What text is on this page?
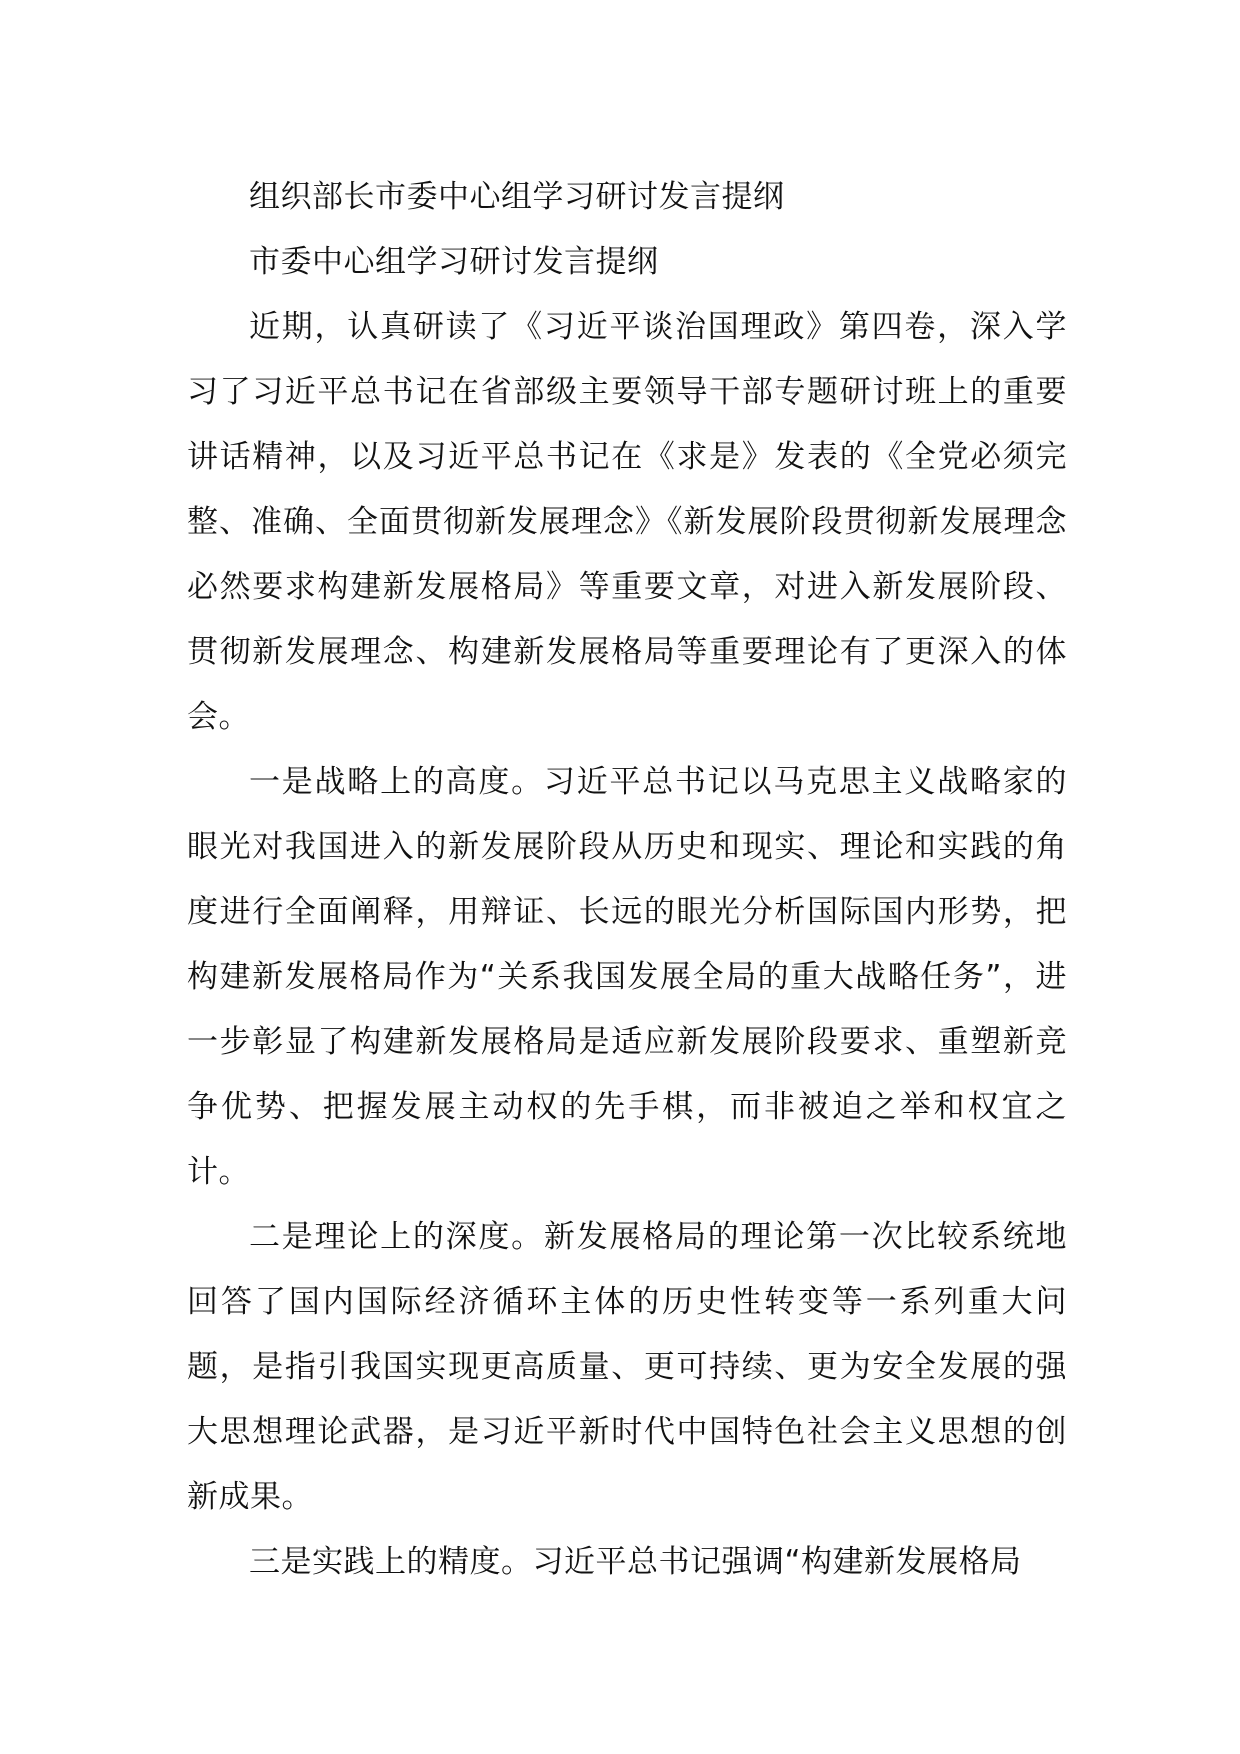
组织部长市委中心组学习研讨发言提纲
市委中心组学习研讨发言提纲

近期，认真研读了《习近平谈治国理政》第四卷，深入学习了习近平总书记在省部级主要领导干部专题研讨班上的重要讲话精神，以及习近平总书记在《求是》发表的《全党必须完整、准确、全面贯彻新发展理念》《新发展阶段贯彻新发展理念必然要求构建新发展格局》等重要文章，对进入新发展阶段、贯彻新发展理念、构建新发展格局等重要理论有了更深入的体会。

一是战略上的高度。习近平总书记以马克思主义战略家的眼光对我国进入的新发展阶段从历史和现实、理论和实践的角度进行全面阐释，用辩证、长远的眼光分析国际国内形势，把构建新发展格局作为“关系我国发展全局的重大战略任务”，进一步彰显了构建新发展格局是适应新发展阶段要求、重塑新竞争优势、把握发展主动权的先手棋，而非被迫之举和权宜之计。

二是理论上的深度。新发展格局的理论第一次比较系统地回答了国内国际经济循环主体的历史性转变等一系列重大问题，是指引我国实现更高质量、更可持续、更为安全发展的强大思想理论武器，是习近平新时代中国特色社会主义思想的创新成果。

三是实践上的精度。习近平总书记强调“构建新发展格局
